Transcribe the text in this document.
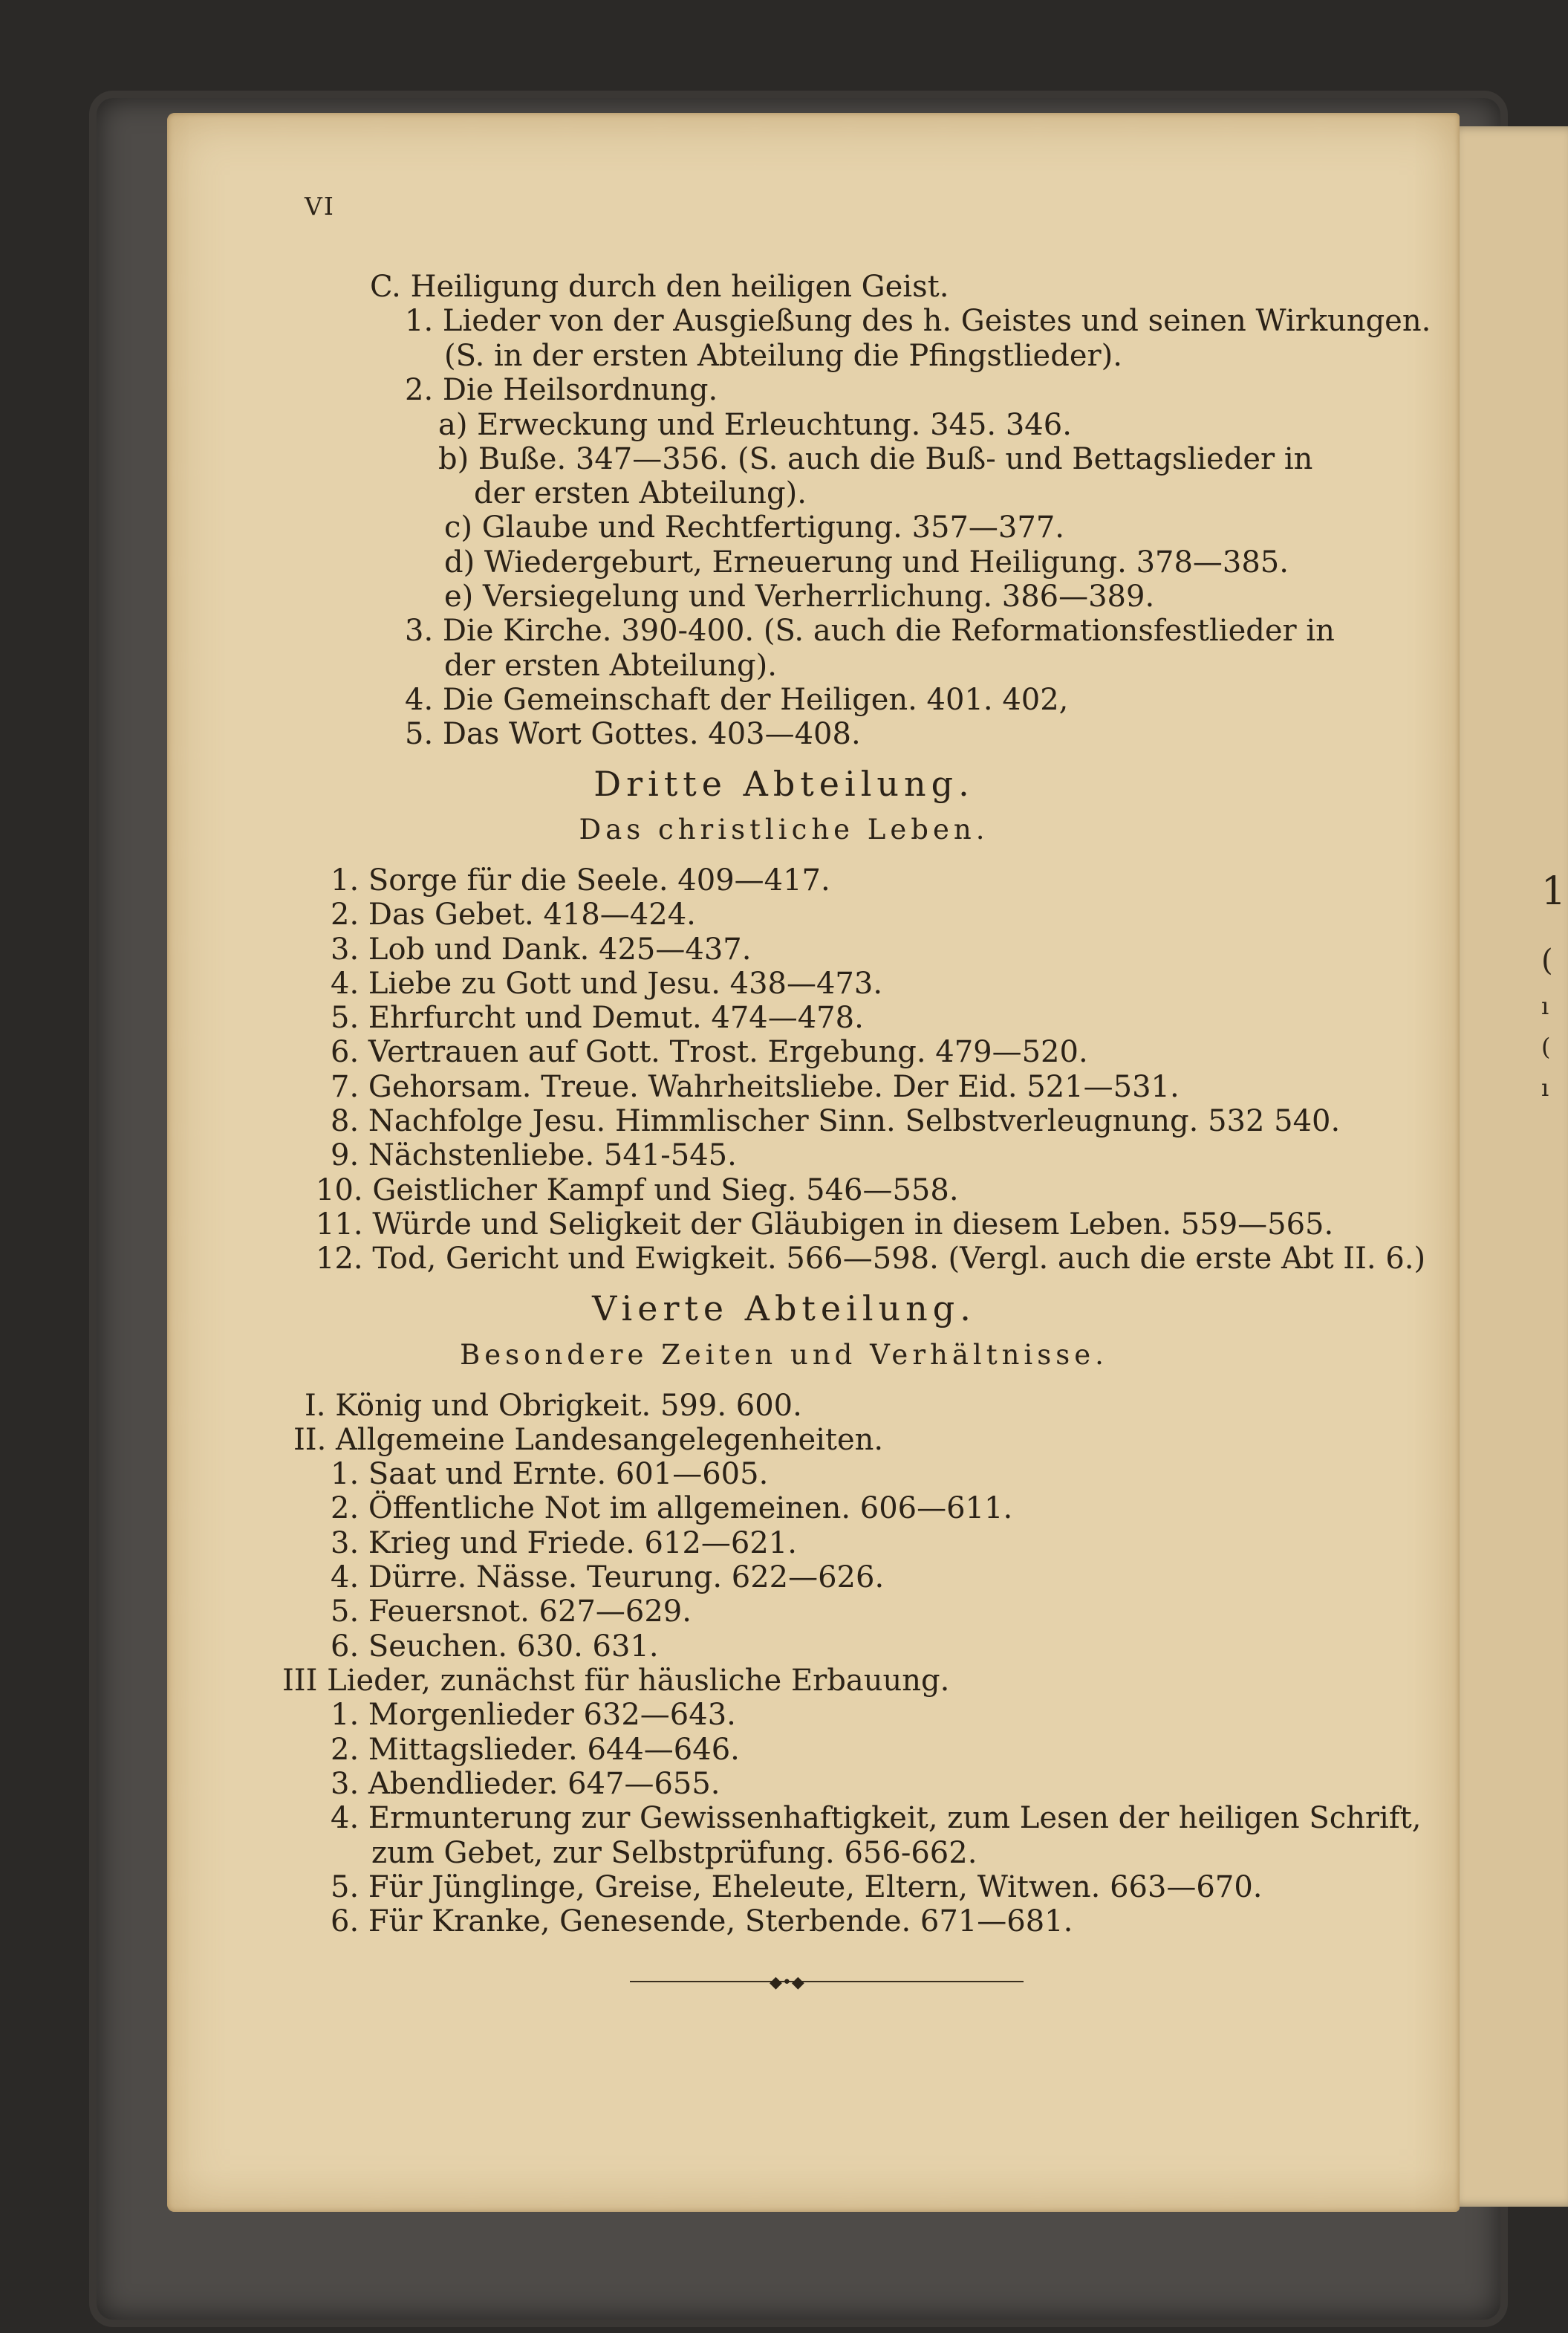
1
(
ı
(
ı
VI
C. Heiligung durch den heiligen Geist.
1. Lieder von der Ausgießung des h. Geistes und seinen Wirkungen.
(S. in der ersten Abteilung die Pfingstlieder).
2. Die Heilsordnung.
a) Erweckung und Erleuchtung. 345. 346.
b) Buße. 347—356. (S. auch die Buß- und Bettagslieder in
der ersten Abteilung).
c) Glaube und Rechtfertigung. 357—377.
d) Wiedergeburt, Erneuerung und Heiligung. 378—385.
e) Versiegelung und Verherrlichung. 386—389.
3. Die Kirche. 390-400. (S. auch die Reformationsfestlieder in
der ersten Abteilung).
4. Die Gemeinschaft der Heiligen. 401. 402,
5. Das Wort Gottes. 403—408.
Dritte Abteilung.
Das christliche Leben.
1. Sorge für die Seele. 409—417.
2. Das Gebet. 418—424.
3. Lob und Dank. 425—437.
4. Liebe zu Gott und Jesu. 438—473.
5. Ehrfurcht und Demut. 474—478.
6. Vertrauen auf Gott. Trost. Ergebung. 479—520.
7. Gehorsam. Treue. Wahrheitsliebe. Der Eid. 521—531.
8. Nachfolge Jesu. Himmlischer Sinn. Selbstverleugnung. 532 540.
9. Nächstenliebe. 541-545.
10. Geistlicher Kampf und Sieg. 546—558.
11. Würde und Seligkeit der Gläubigen in diesem Leben. 559—565.
12. Tod, Gericht und Ewigkeit. 566—598. (Vergl. auch die erste Abt II. 6.)
Vierte Abteilung.
Besondere Zeiten und Verhältnisse.
I. König und Obrigkeit. 599. 600.
II. Allgemeine Landesangelegenheiten.
1. Saat und Ernte. 601—605.
2. Öffentliche Not im allgemeinen. 606—611.
3. Krieg und Friede. 612—621.
4. Dürre. Nässe. Teurung. 622—626.
5. Feuersnot. 627—629.
6. Seuchen. 630. 631.
III Lieder, zunächst für häusliche Erbauung.
1. Morgenlieder 632—643.
2. Mittagslieder. 644—646.
3. Abendlieder. 647—655.
4. Ermunterung zur Gewissenhaftigkeit, zum Lesen der heiligen Schrift,
zum Gebet, zur Selbstprüfung. 656-662.
5. Für Jünglinge, Greise, Eheleute, Eltern, Witwen. 663—670.
6. Für Kranke, Genesende, Sterbende. 671—681.
◆•◆
